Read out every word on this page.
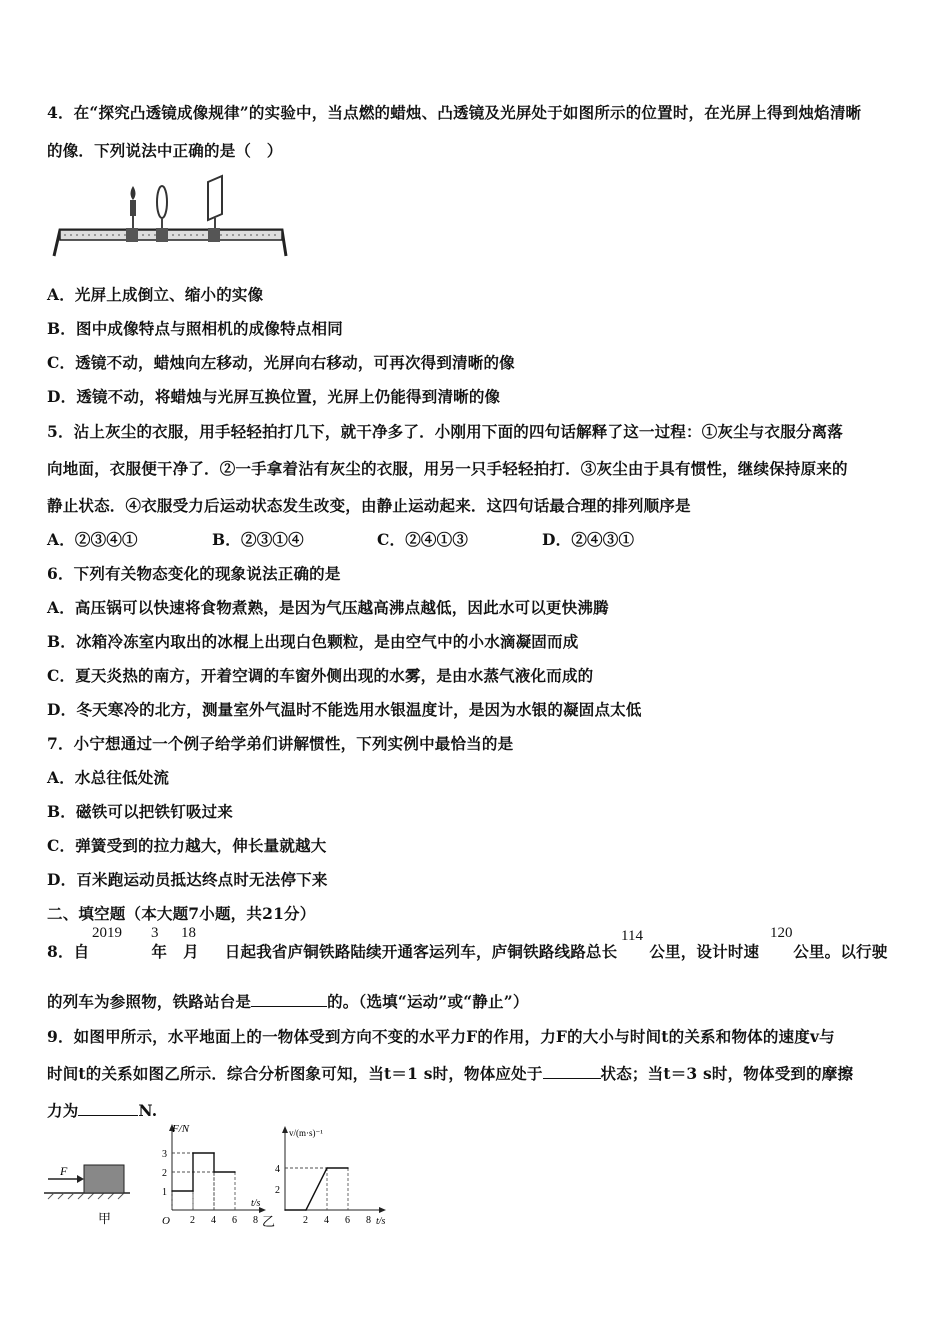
4．在“探究凸透镜成像规律”的实验中，当点燃的蜡烛、凸透镜及光屏处于如图所示的位置时，在光屏上得到烛焰清晰
的像．下列说法中正确的是（　）
A．光屏上成倒立、缩小的实像
B．图中成像特点与照相机的成像特点相同
C．透镜不动，蜡烛向左移动，光屏向右移动，可再次得到清晰的像
D．透镜不动，将蜡烛与光屏互换位置，光屏上仍能得到清晰的像
5．沾上灰尘的衣服，用手轻轻拍打几下，就干净多了．小刚用下面的四句话解释了这一过程：①灰尘与衣服分离落
向地面，衣服便干净了．②一手拿着沾有灰尘的衣服，用另一只手轻轻拍打．③灰尘由于具有惯性，继续保持原来的
静止状态．④衣服受力后运动状态发生改变，由静止运动起来．这四句话最合理的排列顺序是
A．②③④①	B．②③①④	C．②④①③	D．②④③①
6．下列有关物态变化的现象说法正确的是
A．高压锅可以快速将食物煮熟，是因为气压越高沸点越低，因此水可以更快沸腾
B．冰箱冷冻室内取出的冰棍上出现白色颗粒，是由空气中的小水滴凝固而成
C．夏天炎热的南方，开着空调的车窗外侧出现的水雾，是由水蒸气液化而成的
D．冬天寒冷的北方，测量室外气温时不能选用水银温度计，是因为水银的凝固点太低
7．小宁想通过一个例子给学弟们讲解惯性，下列实例中最恰当的是
A．水总往低处流
B．磁铁可以把铁钉吸过来
C．弹簧受到的拉力越大，伸长量就越大
D．百米跑运动员抵达终点时无法停下来
二、填空题（本大题7小题，共21分）
8．自	年 月 日起我省庐铜铁路陆续开通客运列车，庐铜铁路线路总长 公里，设计时速 公里。以行驶
2019 3 18	114	120
的列车为参照物，铁路站台是	的。（选填“运动”或“静止”）
9．如图甲所示，水平地面上的一物体受到方向不变的水平力F的作用，力F的大小与时间t的关系和物体的速度v与
时间t的关系如图乙所示．综合分析图象可知，当t＝1 s时，物体应处于	状态；当t＝3 s时，物体受到的摩擦
力为	N.
F
甲
F/N
O
t/s
2 4 6 8
1
2
3
v/(m·s)⁻¹
t/s
2 4 6 8
2
4
乙
